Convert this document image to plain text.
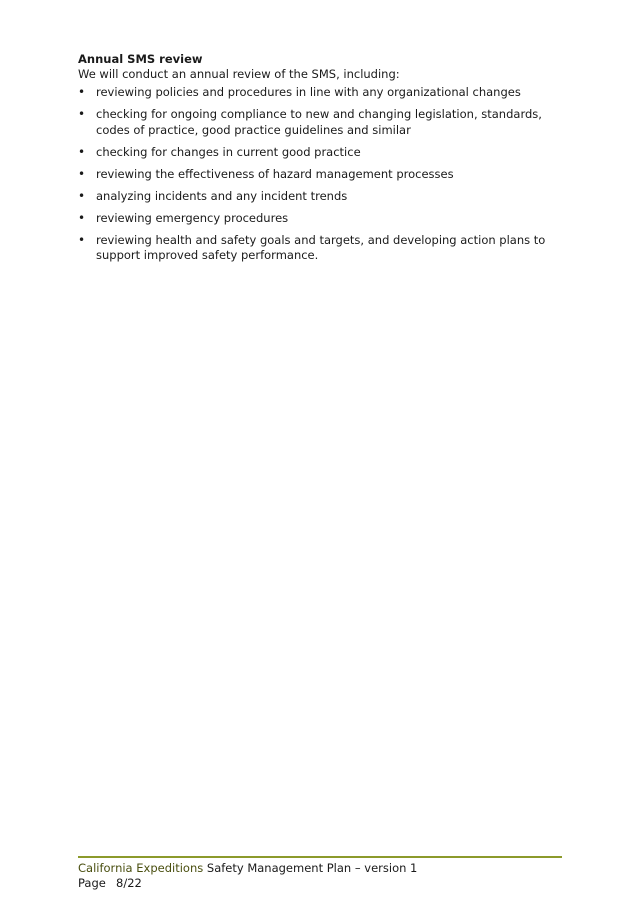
Annual SMS review

We will conduct an annual review of the SMS, including:

• reviewing policies and procedures in line with any organizational changes
• checking for ongoing compliance to new and changing legislation, standards, codes of practice, good practice guidelines and similar
• checking for changes in current good practice
• reviewing the effectiveness of hazard management processes
• analyzing incidents and any incident trends
• reviewing emergency procedures
• reviewing health and safety goals and targets, and developing action plans to support improved safety performance.
California Expeditions Safety Management Plan – version 1
Page 8/22
